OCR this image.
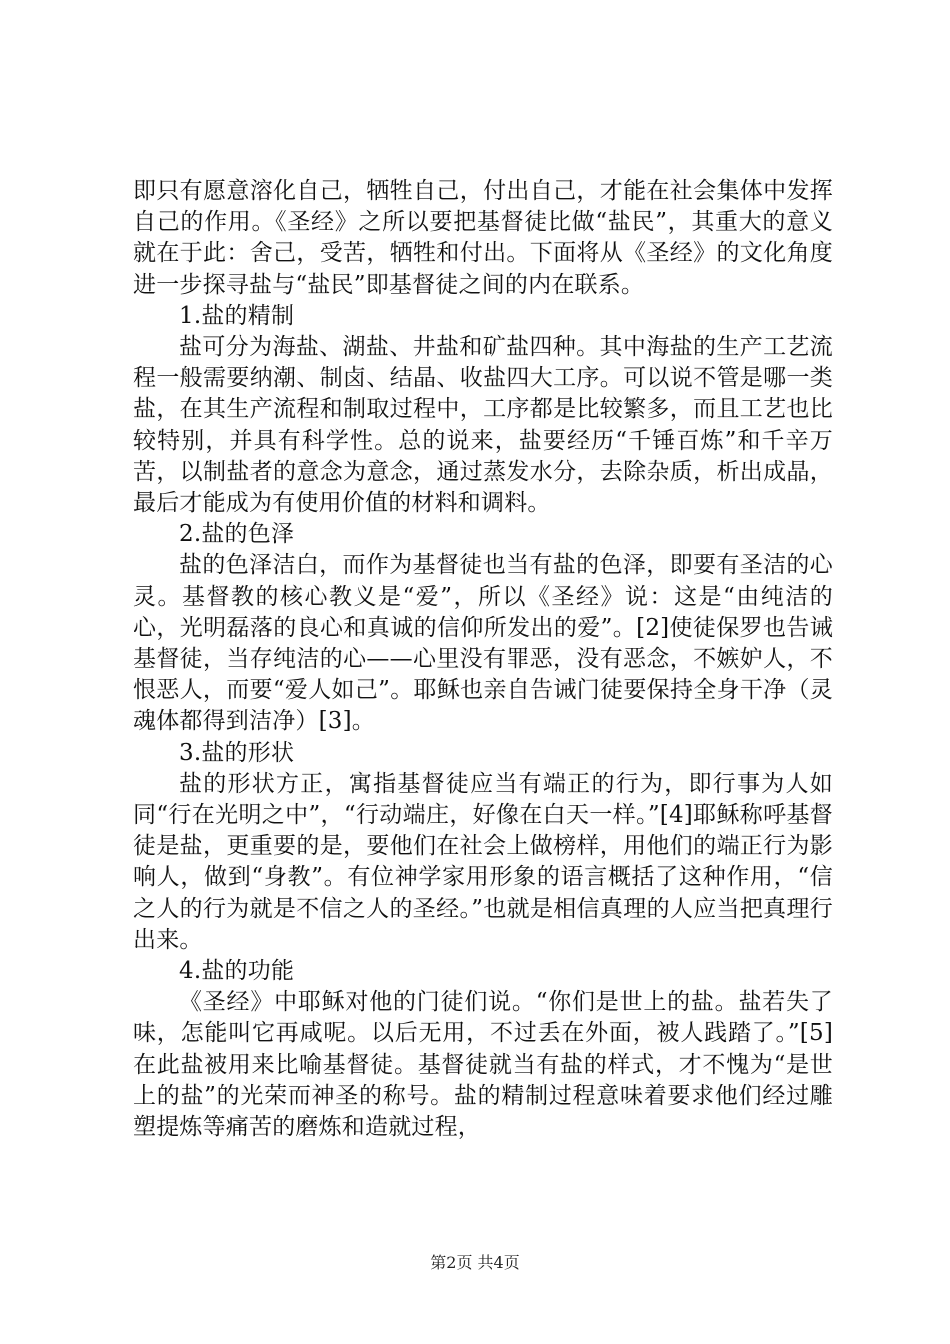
即只有愿意溶化自己，牺牲自己，付出自己，才能在社会集体中发挥自己的作用。《圣经》之所以要把基督徒比做“盐民”，其重大的意义就在于此：舍己，受苦，牺牲和付出。下面将从《圣经》的文化角度进一步探寻盐与“盐民”即基督徒之间的内在联系。

1.盐的精制

盐可分为海盐、湖盐、井盐和矿盐四种。其中海盐的生产工艺流程一般需要纳潮、制卤、结晶、收盐四大工序。可以说不管是哪一类盐，在其生产流程和制取过程中，工序都是比较繁多，而且工艺也比较特别，并具有科学性。总的说来，盐要经历“千锤百炼”和千辛万苦，以制盐者的意念为意念，通过蒸发水分，去除杂质，析出成晶，最后才能成为有使用价值的材料和调料。

2.盐的色泽

盐的色泽洁白，而作为基督徒也当有盐的色泽，即要有圣洁的心灵。基督教的核心教义是“爱”，所以《圣经》说：这是“由纯洁的心，光明磊落的良心和真诚的信仰所发出的爱”。[2]使徒保罗也告诫基督徒，当存纯洁的心——心里没有罪恶，没有恶念，不嫉妒人，不恨恶人，而要“爱人如己”。耶稣也亲自告诫门徒要保持全身干净（灵魂体都得到洁净）[3]。

3.盐的形状

盐的形状方正，寓指基督徒应当有端正的行为，即行事为人如同“行在光明之中”，“行动端庄，好像在白天一样。”[4]耶稣称呼基督徒是盐，更重要的是，要他们在社会上做榜样，用他们的端正行为影响人，做到“身教”。有位神学家用形象的语言概括了这种作用，“信之人的行为就是不信之人的圣经。”也就是相信真理的人应当把真理行出来。

4.盐的功能

《圣经》中耶稣对他的门徒们说。“你们是世上的盐。盐若失了味，怎能叫它再咸呢。以后无用，不过丢在外面，被人践踏了。”[5]在此盐被用来比喻基督徒。基督徒就当有盐的样式，才不愧为“是世上的盐”的光荣而神圣的称号。盐的精制过程意味着要求他们经过雕塑提炼等痛苦的磨炼和造就过程，

第2页 共4页
